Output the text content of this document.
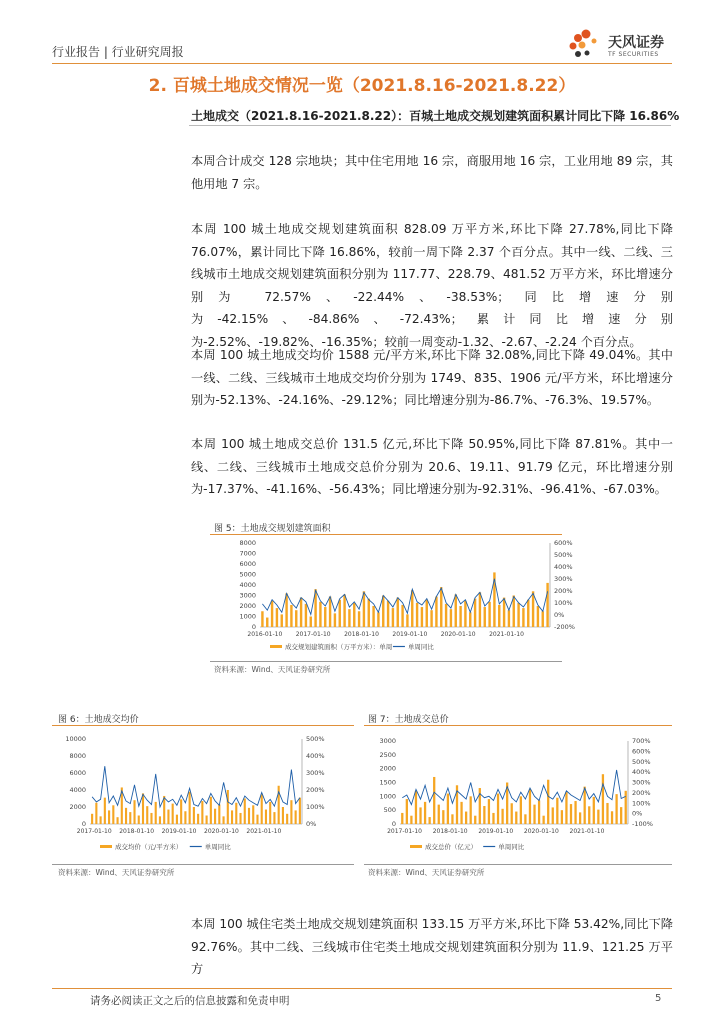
行业报告 | 行业研究周报
天风证券
TF SECURITIES
2. 百城土地成交情况一览（2021.8.16-2021.8.22）
土地成交（2021.8.16-2021.8.22）：百城土地成交规划建筑面积累计同比下降 16.86%

本周合计成交 128 宗地块；其中住宅用地 16 宗，商服用地 16 宗，工业用地 89 宗，其他用地 7 宗。

本周 100 城土地成交规划建筑面积 828.09 万平方米,环比下降 27.78%,同比下降 76.07%，累计同比下降 16.86%，较前一周下降 2.37 个百分点。其中一线、二线、三线城市土地成交规划建筑面积分别为 117.77、228.79、481.52 万平方米，环比增速分别为 72.57%、-22.44%、-38.53%；同比增速分别为-42.15%、-84.86%、-72.43%；累计同比增速分别为-2.52%、-19.82%、-16.35%；较前一周变动-1.32、-2.67、-2.24 个百分点。

本周 100 城土地成交均价 1588 元/平方米,环比下降 32.08%,同比下降 49.04%。其中一线、二线、三线城市土地成交均价分别为 1749、835、1906 元/平方米，环比增速分别为-52.13%、-24.16%、-29.12%；同比增速分别为-86.7%、-76.3%、19.57%。

本周 100 城土地成交总价 131.5 亿元,环比下降 50.95%,同比下降 87.81%。其中一线、二线、三线城市土地成交总价分别为 20.6、19.11、91.79 亿元，环比增速分别为-17.37%、-41.16%、-56.43%；同比增速分别为-92.31%、-96.41%、-67.03%。

本周 100 城住宅类土地成交规划建筑面积 133.15 万平方米,环比下降 53.42%,同比下降 92.76%。其中二线、三线城市住宅类土地成交规划建筑面积分别为 11.9、121.25 万平方

图 5：土地成交规划建筑面积
0
1000
2000
3000
4000
5000
6000
7000
8000
-200%
0%
100%
200%
300%
400%
500%
600%
2016-01-10 2017-01-10 2018-01-10 2019-01-10 2020-01-10 2021-01-10
成交规划建筑面积（万平方米）：单周 单周同比
资料来源：Wind、天风证券研究所
图 6：土地成交均价
0
2000
4000
6000
8000
10000
0%
100%
200%
300%
400%
500%
2017-01-10 2018-01-10 2019-01-10 2020-01-10 2021-01-10
成交均价（元/平方米）	单周同比
资料来源：Wind、天风证券研究所
图 7：土地成交总价
0
500
1000
1500
2000
2500
3000
-100%
0%
100%
200%
300%
400%
500%
600%
700%
2017-01-10 2018-01-10 2019-01-10 2020-01-10 2021-01-10
成交总价（亿元）	单周同比
资料来源：Wind、天风证券研究所
请务必阅读正文之后的信息披露和免责申明	5
